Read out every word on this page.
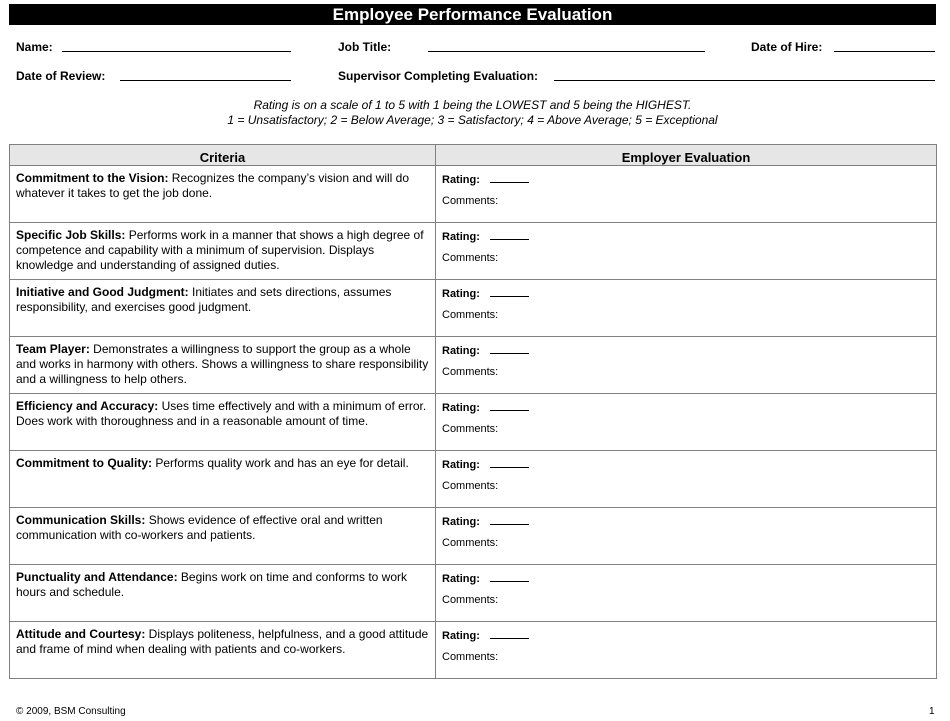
Employee Performance Evaluation
Name:	Job Title:	Date of Hire:
Date of Review:	Supervisor Completing Evaluation:
Rating is on a scale of 1 to 5 with 1 being the LOWEST and 5 being the HIGHEST.
1 = Unsatisfactory; 2 = Below Average; 3 = Satisfactory; 4 = Above Average; 5 = Exceptional
Criteria	Employer Evaluation
Commitment to the Vision: Recognizes the company’s vision and will do whatever it takes to get the job done.	Rating:
Comments:

Specific Job Skills: Performs work in a manner that shows a high degree of competence and capability with a minimum of supervision. Displays knowledge and understanding of assigned duties.	Rating:
Comments:

Initiative and Good Judgment: Initiates and sets directions, assumes responsibility, and exercises good judgment.	Rating:
Comments:

Team Player: Demonstrates a willingness to support the group as a whole and works in harmony with others. Shows a willingness to share responsibility and a willingness to help others.	Rating:
Comments:

Efficiency and Accuracy: Uses time effectively and with a minimum of error. Does work with thoroughness and in a reasonable amount of time.	Rating:
Comments:

Commitment to Quality: Performs quality work and has an eye for detail.	Rating:
Comments:

Communication Skills: Shows evidence of effective oral and written communication with co-workers and patients.	Rating:
Comments:

Punctuality and Attendance: Begins work on time and conforms to work hours and schedule.	Rating:
Comments:

Attitude and Courtesy: Displays politeness, helpfulness, and a good attitude and frame of mind when dealing with patients and co-workers.	Rating:
Comments:
© 2009, BSM Consulting	1
